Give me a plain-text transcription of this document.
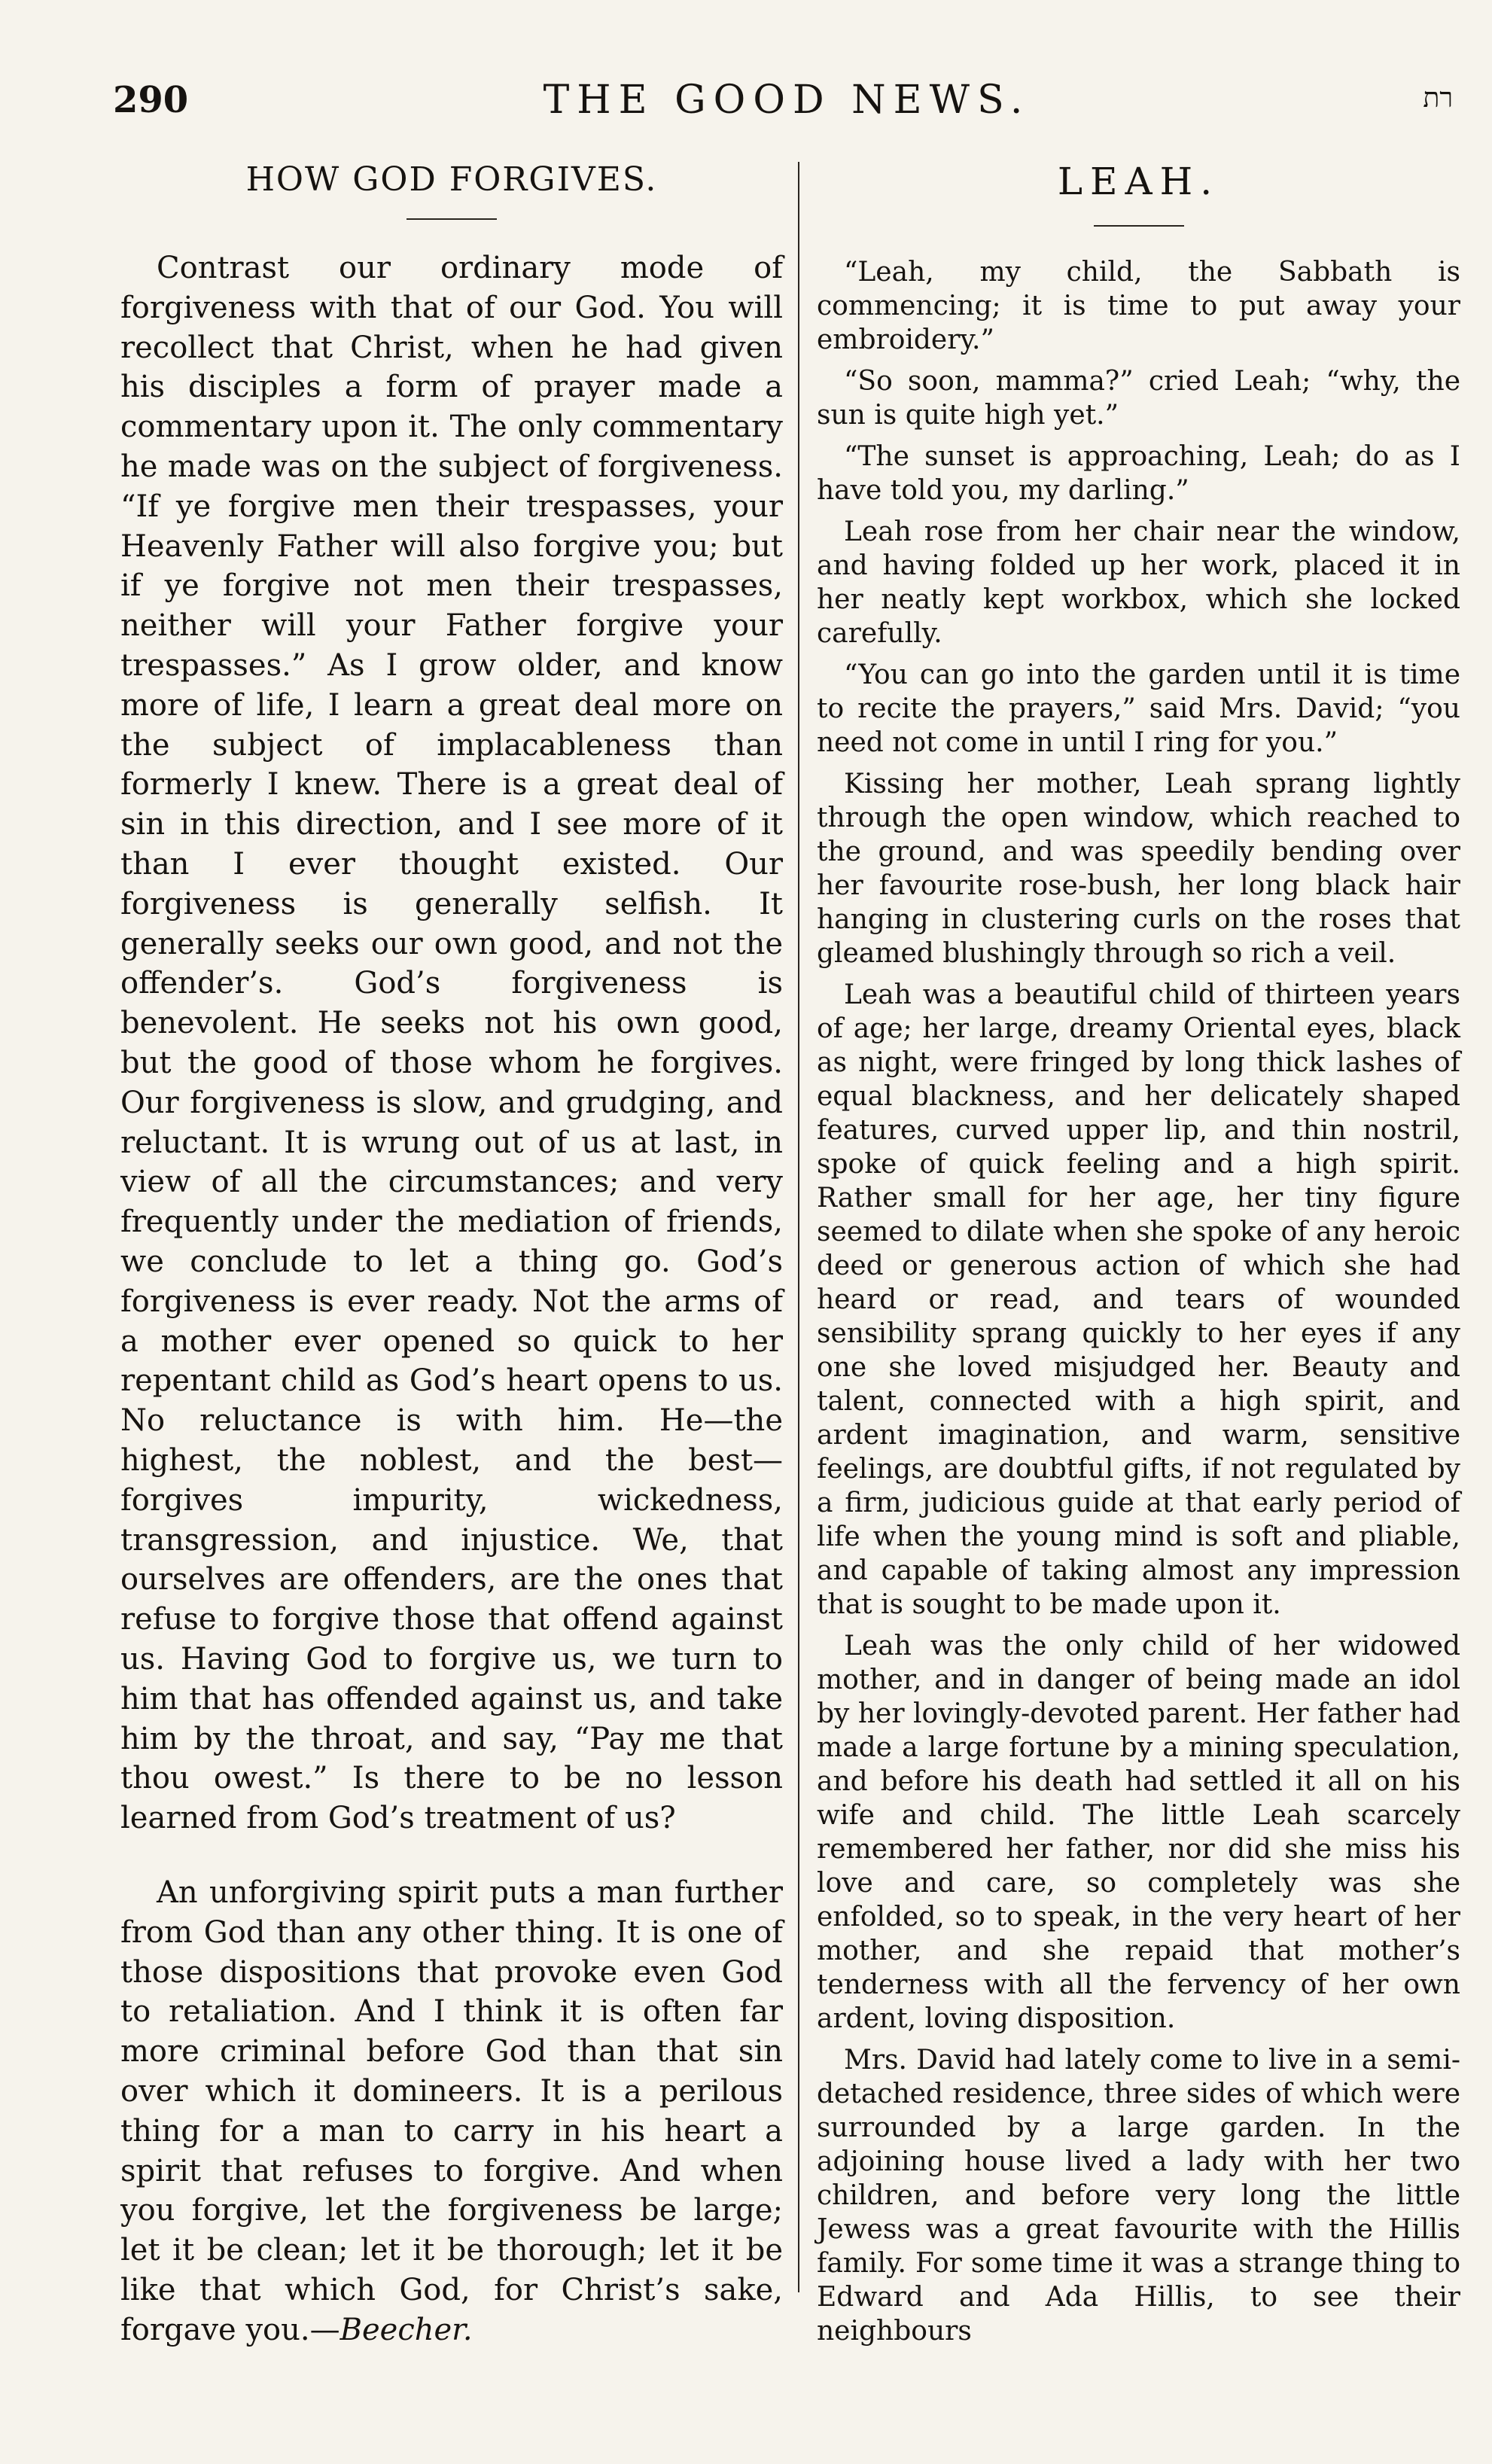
290	THE GOOD NEWS.	רת
HOW GOD FORGIVES.

Contrast our ordinary mode of forgiveness with that of our God. You will recollect that Christ, when he had given his disciples a form of prayer made a commentary upon it. The only commentary he made was on the subject of forgiveness. “If ye forgive men their trespasses, your Heavenly Father will also forgive you; but if ye forgive not men their trespasses, neither will your Father forgive your trespasses.” As I grow older, and know more of life, I learn a great deal more on the subject of implacableness than formerly I knew. There is a great deal of sin in this direction, and I see more of it than I ever thought existed. Our forgiveness is generally selfish. It generally seeks our own good, and not the offender’s. God’s forgiveness is benevolent. He seeks not his own good, but the good of those whom he forgives. Our forgiveness is slow, and grudging, and reluctant. It is wrung out of us at last, in view of all the circumstances; and very frequently under the mediation of friends, we conclude to let a thing go. God’s forgiveness is ever ready. Not the arms of a mother ever opened so quick to her repentant child as God’s heart opens to us. No reluctance is with him. He—the highest, the noblest, and the best—forgives impurity, wickedness, transgression, and injustice. We, that ourselves are offenders, are the ones that refuse to forgive those that offend against us. Having God to forgive us, we turn to him that has offended against us, and take him by the throat, and say, “Pay me that thou owest.” Is there to be no lesson learned from God’s treatment of us?

An unforgiving spirit puts a man further from God than any other thing. It is one of those dispositions that provoke even God to retaliation. And I think it is often far more criminal before God than that sin over which it domineers. It is a perilous thing for a man to carry in his heart a spirit that refuses to forgive. And when you forgive, let the forgiveness be large; let it be clean; let it be thorough; let it be like that which God, for Christ’s sake, forgave you.—Beecher.

LEAH.

“Leah, my child, the Sabbath is commencing; it is time to put away your embroidery.”

“So soon, mamma?” cried Leah; “why, the sun is quite high yet.”

“The sunset is approaching, Leah; do as I have told you, my darling.”

Leah rose from her chair near the window, and having folded up her work, placed it in her neatly kept workbox, which she locked carefully.

“You can go into the garden until it is time to recite the prayers,” said Mrs. David; “you need not come in until I ring for you.”

Kissing her mother, Leah sprang lightly through the open window, which reached to the ground, and was speedily bending over her favourite rose-bush, her long black hair hanging in clustering curls on the roses that gleamed blushingly through so rich a veil.

Leah was a beautiful child of thirteen years of age; her large, dreamy Oriental eyes, black as night, were fringed by long thick lashes of equal blackness, and her delicately shaped features, curved upper lip, and thin nostril, spoke of quick feeling and a high spirit. Rather small for her age, her tiny figure seemed to dilate when she spoke of any heroic deed or generous action of which she had heard or read, and tears of wounded sensibility sprang quickly to her eyes if any one she loved misjudged her. Beauty and talent, connected with a high spirit, and ardent imagination, and warm, sensitive feelings, are doubtful gifts, if not regulated by a firm, judicious guide at that early period of life when the young mind is soft and pliable, and capable of taking almost any impression that is sought to be made upon it.

Leah was the only child of her widowed mother, and in danger of being made an idol by her lovingly-devoted parent. Her father had made a large fortune by a mining speculation, and before his death had settled it all on his wife and child. The little Leah scarcely remembered her father, nor did she miss his love and care, so completely was she enfolded, so to speak, in the very heart of her mother, and she repaid that mother’s tenderness with all the fervency of her own ardent, loving disposition.

Mrs. David had lately come to live in a semi-detached residence, three sides of which were surrounded by a large garden. In the adjoining house lived a lady with her two children, and before very long the little Jewess was a great favourite with the Hillis family. For some time it was a strange thing to Edward and Ada Hillis, to see their neighbours
